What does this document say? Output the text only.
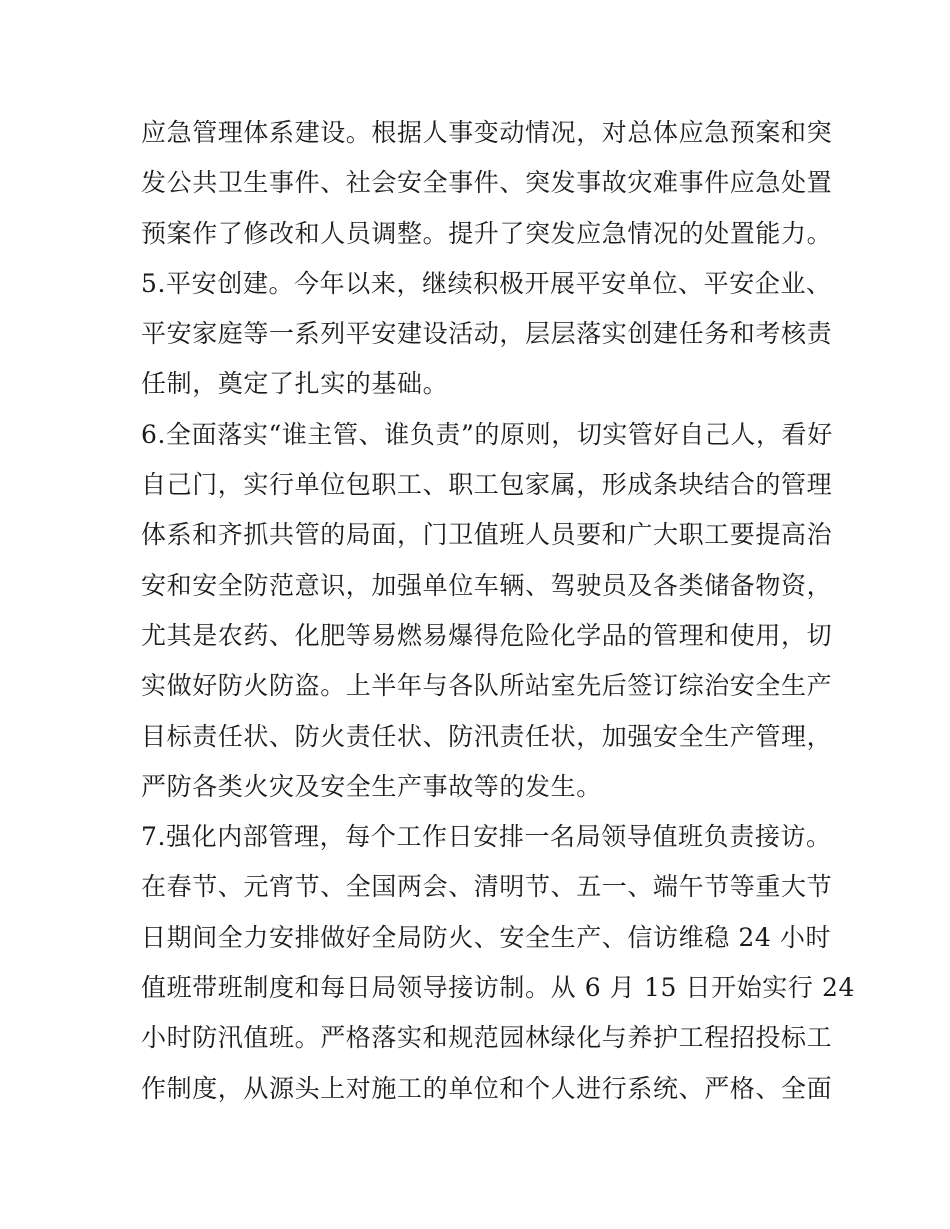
应急管理体系建设。根据人事变动情况，对总体应急预案和突
发公共卫生事件、社会安全事件、突发事故灾难事件应急处置
预案作了修改和人员调整。提升了突发应急情况的处置能力。
5.平安创建。今年以来，继续积极开展平安单位、平安企业、
平安家庭等一系列平安建设活动，层层落实创建任务和考核责
任制，奠定了扎实的基础。
6.全面落实“谁主管、谁负责”的原则，切实管好自己人，看好
自己门，实行单位包职工、职工包家属，形成条块结合的管理
体系和齐抓共管的局面，门卫值班人员要和广大职工要提高治
安和安全防范意识，加强单位车辆、驾驶员及各类储备物资，
尤其是农药、化肥等易燃易爆得危险化学品的管理和使用，切
实做好防火防盗。上半年与各队所站室先后签订综治安全生产
目标责任状、防火责任状、防汛责任状，加强安全生产管理，
严防各类火灾及安全生产事故等的发生。
7.强化内部管理，每个工作日安排一名局领导值班负责接访。
在春节、元宵节、全国两会、清明节、五一、端午节等重大节
日期间全力安排做好全局防火、安全生产、信访维稳 24 小时
值班带班制度和每日局领导接访制。从 6 月 15 日开始实行 24
小时防汛值班。严格落实和规范园林绿化与养护工程招投标工
作制度，从源头上对施工的单位和个人进行系统、严格、全面
